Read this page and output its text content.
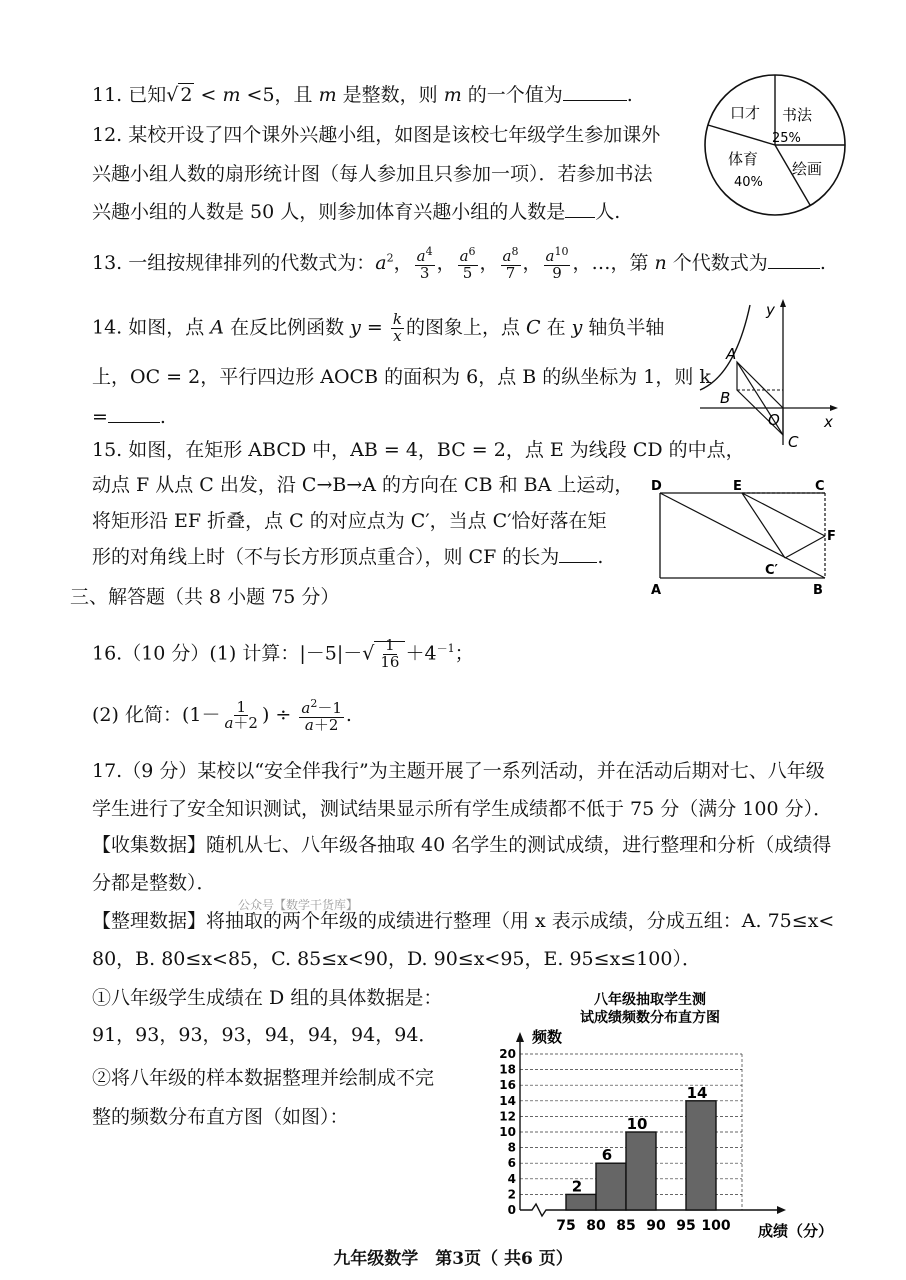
11. 已知√ 2 < m <5，且 m 是整数，则 m 的一个值为	.
12. 某校开设了四个课外兴趣小组，如图是该校七年级学生参加课外
兴趣小组人数的扇形统计图（每人参加且只参加一项）．若参加书法
兴趣小组的人数是 50 人，则参加体育兴趣小组的人数是 人.
口才 书法
25%
体育
40%
绘画
13. 一组按规律排列的代数式为：$a^2$， $\frac{a^4}{3}$ ， $\frac{a^6}{5}$ ， $\frac{a^8}{7}$ ， $\frac{a^{10}}{9}$ ，…，第 n 个代数式为	.
14. 如图，点 A 在反比例函数 $y = \frac{k}{x}$ 的图象上，点 C 在 y 轴负半轴
上，OC = 2，平行四边形 AOCB 的面积为 6，点 B 的纵坐标为 1，则 k
=	.
y
x
A
B
O
C
15. 如图，在矩形 ABCD 中，AB = 4，BC = 2，点 E 为线段 CD 的中点，
动点 F 从点 C 出发，沿 C→B→A 的方向在 CB 和 BA 上运动，
将矩形沿 EF 折叠，点 C 的对应点为 C′，当点 C′恰好落在矩
形的对角线上时（不与长方形顶点重合），则 CF 的长为 .
D	E	C
F
C′
A	B
三、解答题（共 8 小题 75 分）
16.（10 分）(1) 计算：$|-5|-√ \frac{1}{16} +4^{-1}$；
(2) 化简：($1- \frac{1}{a+2}$ ) ÷ $\frac{a^2-1}{a+2}$ .
17.（9 分）某校以“安全伴我行”为主题开展了一系列活动，并在活动后期对七、八年级
学生进行了安全知识测试，测试结果显示所有学生成绩都不低于 75 分（满分 100 分）．
【收集数据】随机从七、八年级各抽取 40 名学生的测试成绩，进行整理和分析（成绩得
分都是整数）．
公众号【数学干货库】
【整理数据】将抽取的两个年级的成绩进行整理（用 x 表示成绩，分成五组：A. 75≤x<
80，B. 80≤x<85，C. 85≤x<90，D. 90≤x<95，E. 95≤x≤100）．
①八年级学生成绩在 D 组的具体数据是：
91，93，93，93，94，94，94，94．
②将八年级的样本数据整理并绘制成不完
整的频数分布直方图（如图）：
八年级抽取学生测
试成绩频数分布直方图
频数
0
2
4
6
8
10
12
14
16
18
20
2
6
10
14
75 80 85 90 95 100 成绩（分）
九年级数学　第3页（ 共6 页）
